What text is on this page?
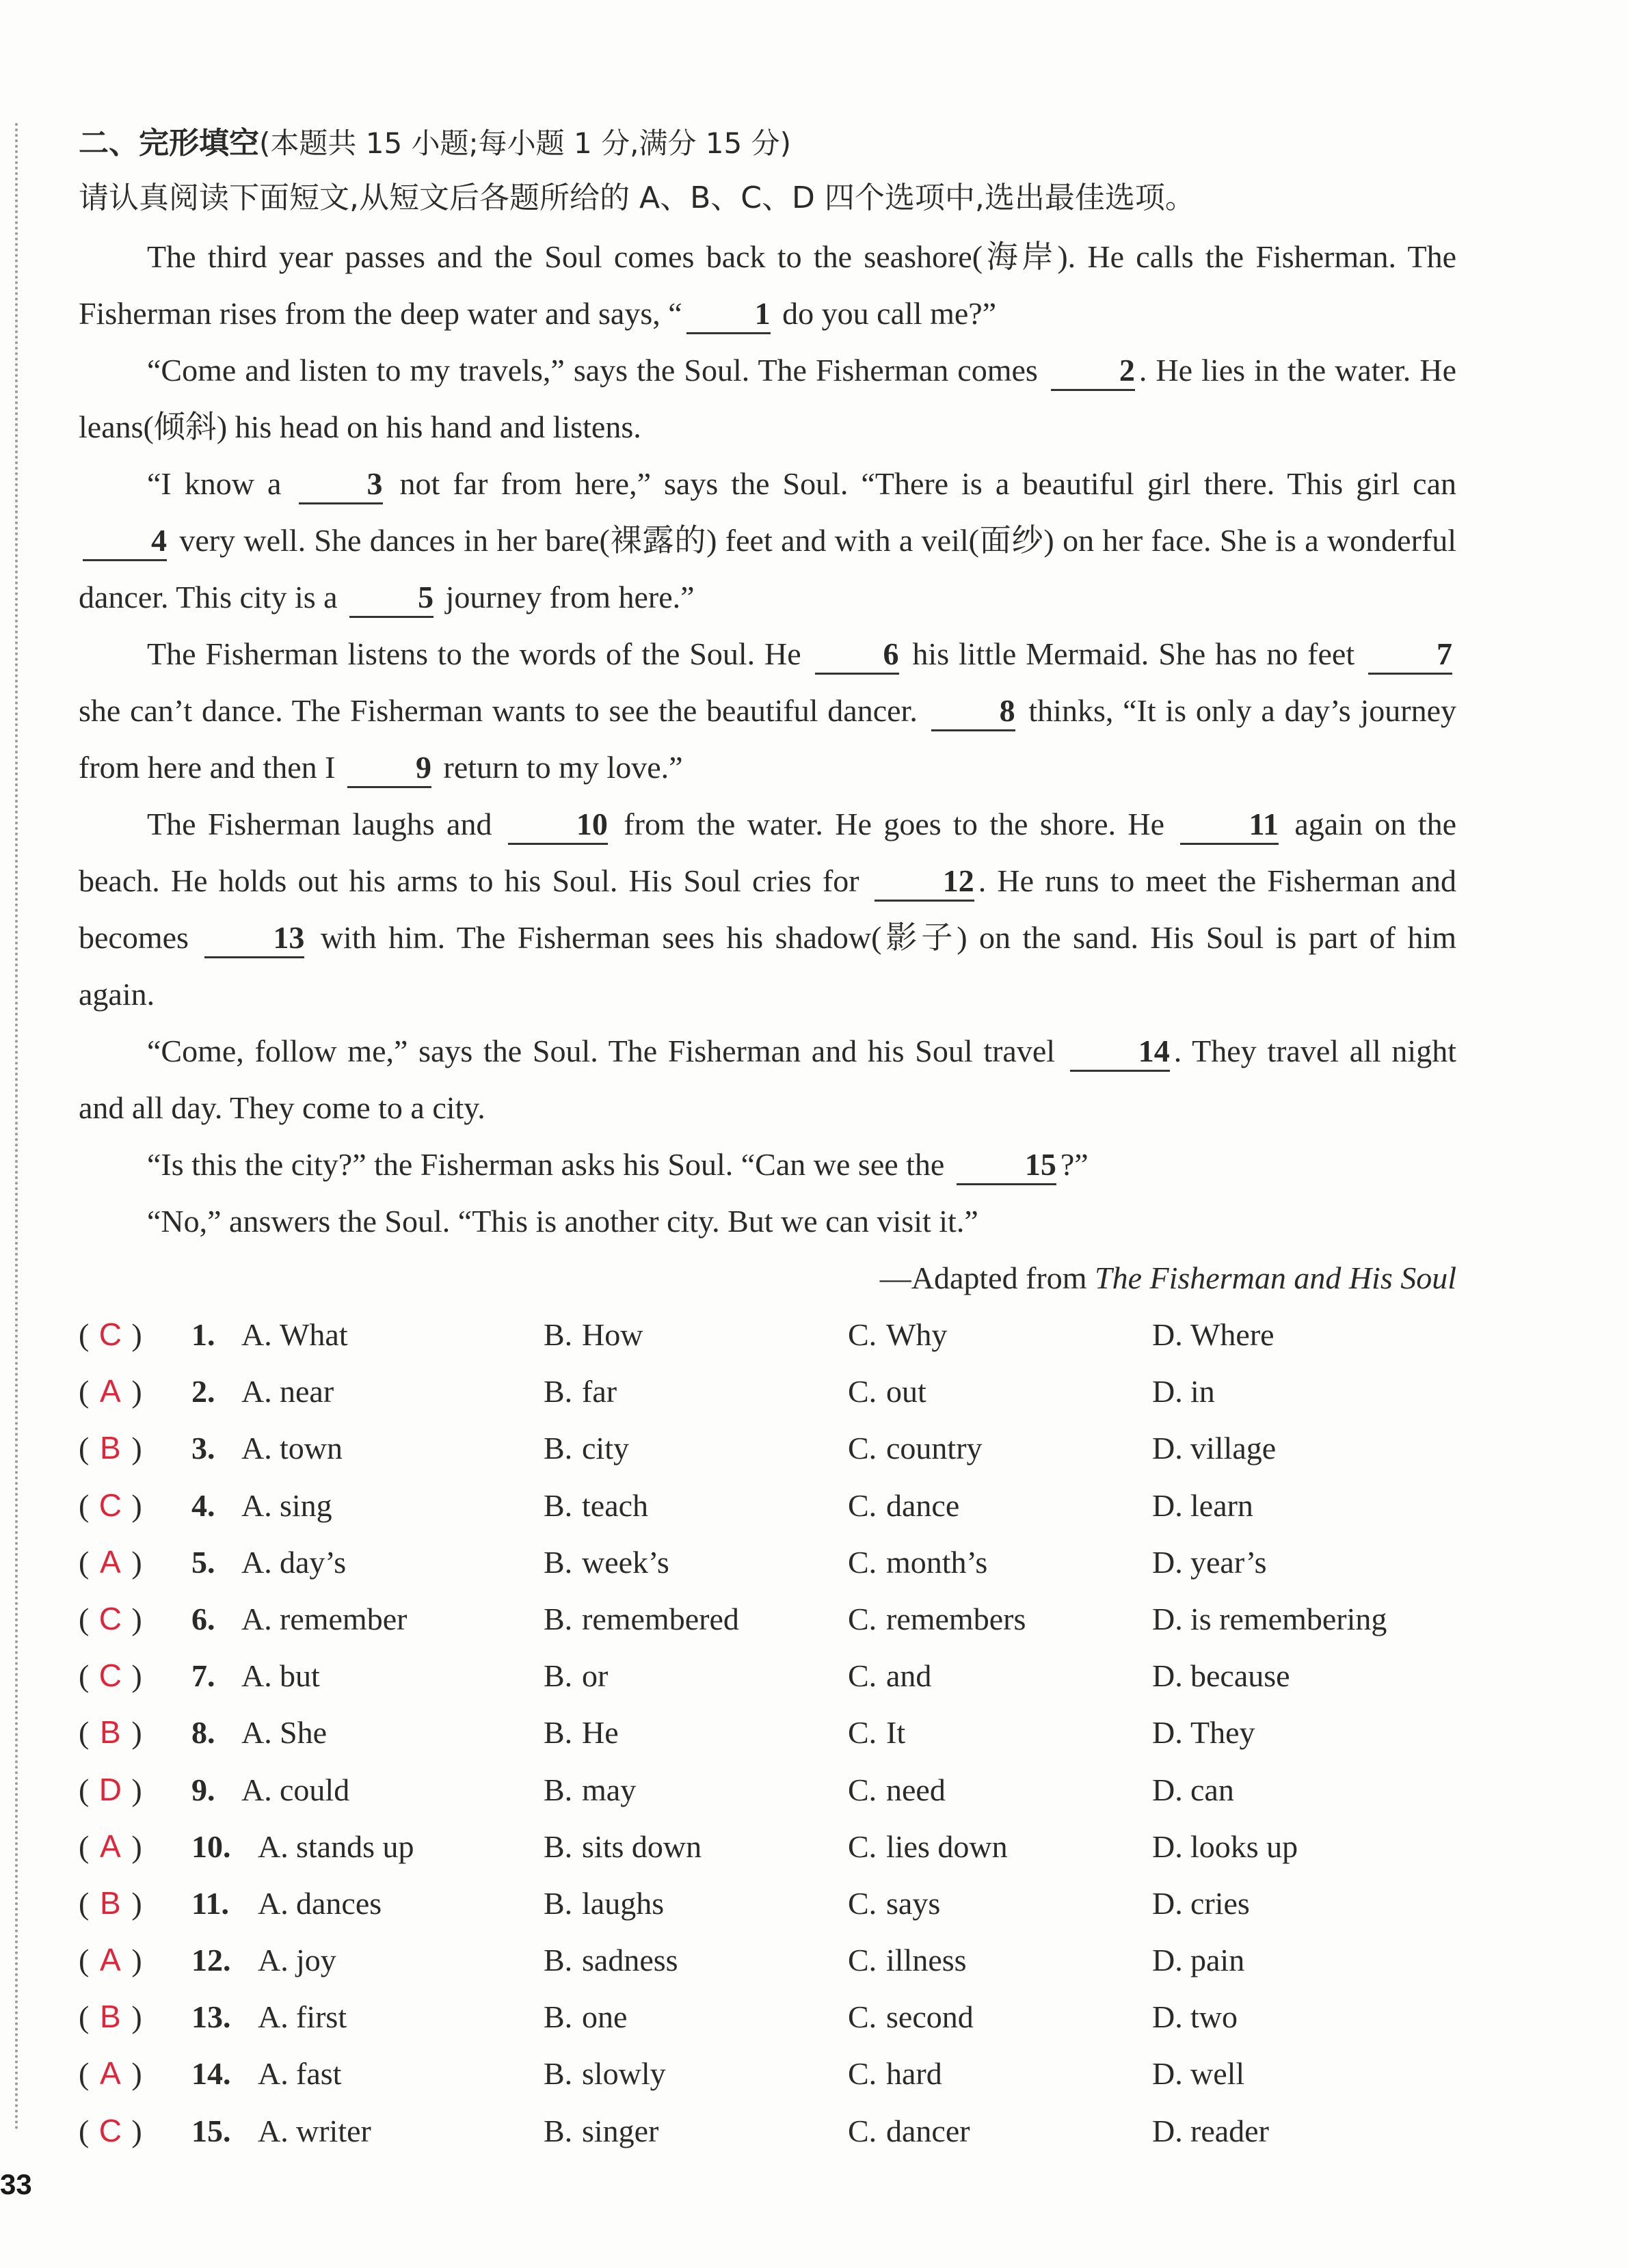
二、完形填空(本题共 15 小题;每小题 1 分,满分 15 分)
请认真阅读下面短文,从短文后各题所给的 A、B、C、D 四个选项中,选出最佳选项。

The third year passes and the Soul comes back to the seashore(海岸). He calls the Fisherman. The Fisherman rises from the deep water and says, “ 1 do you call me?”

“Come and listen to my travels,” says the Soul. The Fisherman comes 2 . He lies in the water. He leans(倾斜) his head on his hand and listens.

“I know a 3 not far from here,” says the Soul. “There is a beautiful girl there. This girl can 4 very well. She dances in her bare(裸露的) feet and with a veil(面纱) on her face. She is a wonderful dancer. This city is a 5 journey from here.”

The Fisherman listens to the words of the Soul. He 6 his little Mermaid. She has no feet 7 she can’t dance. The Fisherman wants to see the beautiful dancer. 8 thinks, “It is only a day’s journey from here and then I 9 return to my love.”

The Fisherman laughs and 10 from the water. He goes to the shore. He 11 again on the beach. He holds out his arms to his Soul. His Soul cries for 12 . He runs to meet the Fisherman and becomes 13 with him. The Fisherman sees his shadow(影子) on the sand. His Soul is part of him again.

“Come, follow me,” says the Soul. The Fisherman and his Soul travel 14 . They travel all night and all day. They come to a city.

“Is this the city?” the Fisherman asks his Soul. “Can we see the 15 ?”

“No,” answers the Soul. “This is another city. But we can visit it.”

—Adapted from The Fisherman and His Soul
( C ) 1. A. What	B. How	C. Why	D. Where
( A ) 2. A. near	B. far	C. out	D. in
( B ) 3. A. town	B. city	C. country	D. village
( C ) 4. A. sing	B. teach	C. dance	D. learn
( A ) 5. A. day’s	B. week’s	C. month’s	D. year’s
( C ) 6. A. remember	B. remembered	C. remembers	D. is remembering
( C ) 7. A. but	B. or	C. and	D. because
( B ) 8. A. She	B. He	C. It	D. They
( D ) 9. A. could	B. may	C. need	D. can
( A ) 10. A. stands up	B. sits down	C. lies down	D. looks up
( B ) 11. A. dances	B. laughs	C. says	D. cries
( A ) 12. A. joy	B. sadness	C. illness	D. pain
( B ) 13. A. first	B. one	C. second	D. two
( A ) 14. A. fast	B. slowly	C. hard	D. well
( C ) 15. A. writer	B. singer	C. dancer	D. reader
33
